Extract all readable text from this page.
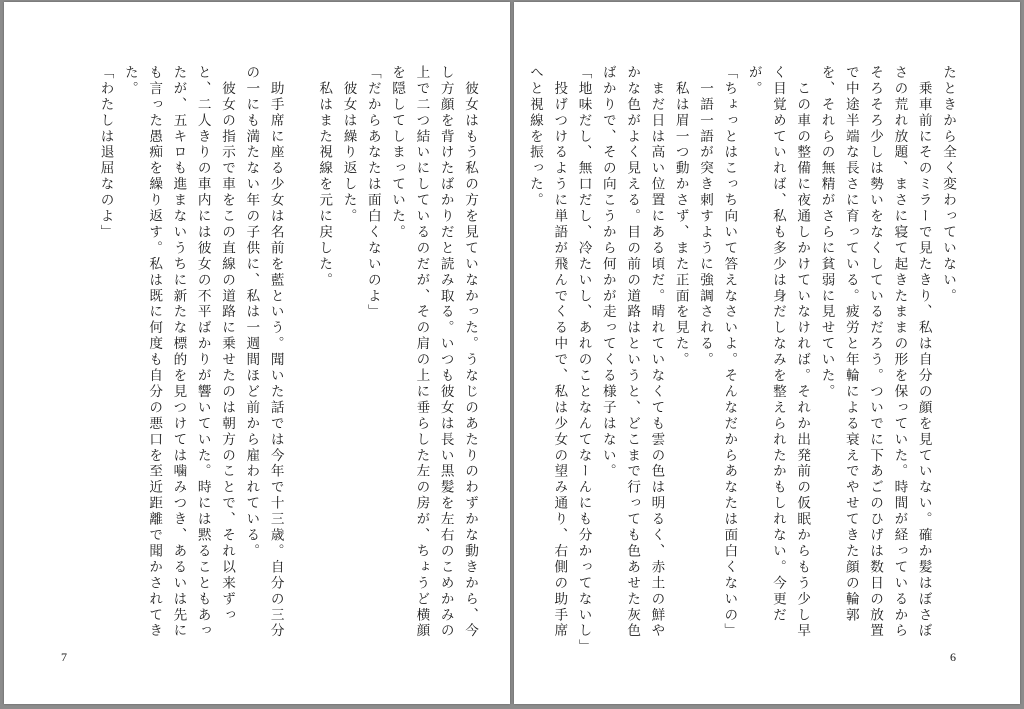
　彼女はもう私の方を見ていなかった。うなじのあたりのわずかな動きから、今し方顔を背けたばかりだと読み取る。いつも彼女は長い黒髪を左右のこめかみの上で二つ結いにしているのだが、その肩の上に垂らした左の房が、ちょうど横顔を隠してしまっていた。

「だからあなたは面白くないのよ」

　彼女は繰り返した。

　私はまた視線を元に戻した。

　助手席に座る少女は名前を藍という。聞いた話では今年で十三歳。自分の三分の一にも満たない年の子供に、私は一週間ほど前から雇われている。

　彼女の指示で車をこの直線の道路に乗せたのは朝方のことで、それ以来ずっと、二人きりの車内には彼女の不平ばかりが響いていた。時には黙ることもあったが、五キロも進まないうちに新たな標的を見つけては噛みつき、あるいは先にも言った愚痴を繰り返す。私は既に何度も自分の悪口を至近距離で聞かされてきた。

「わたしは退屈なのよ」

7

たときから全く変わっていない。

　乗車前にそのミラーで見たきり、私は自分の顔を見ていない。確か髪はぼさぼさの荒れ放題、まさに寝て起きたままの形を保っていた。時間が経っているからそろそろ少しは勢いをなくしているだろう。ついでに下あごのひげは数日の放置で中途半端な長さに育っている。疲労と年輪による衰えでやせてきた顔の輪郭を、それらの無精がさらに貧弱に見せていた。

　この車の整備に夜通しかけていなければ。それか出発前の仮眠からもう少し早く目覚めていれば、私も多少は身だしなみを整えられたかもしれない。今更だが。

「ちょっとはこっち向いて答えなさいよ。そんなだからあなたは面白くないの」

　一語一語が突き刺すように強調される。

　私は眉一つ動かさず、また正面を見た。

　まだ日は高い位置にある頃だ。晴れていなくても雲の色は明るく、赤土の鮮やかな色がよく見える。目の前の道路はというと、どこまで行っても色あせた灰色ばかりで、その向こうから何かが走ってくる様子はない。

「地味だし、無口だし、冷たいし、あれのことなんてなーんにも分かってないし」

　投げつけるように単語が飛んでくる中で、私は少女の望み通り、右側の助手席へと視線を振った。

6
